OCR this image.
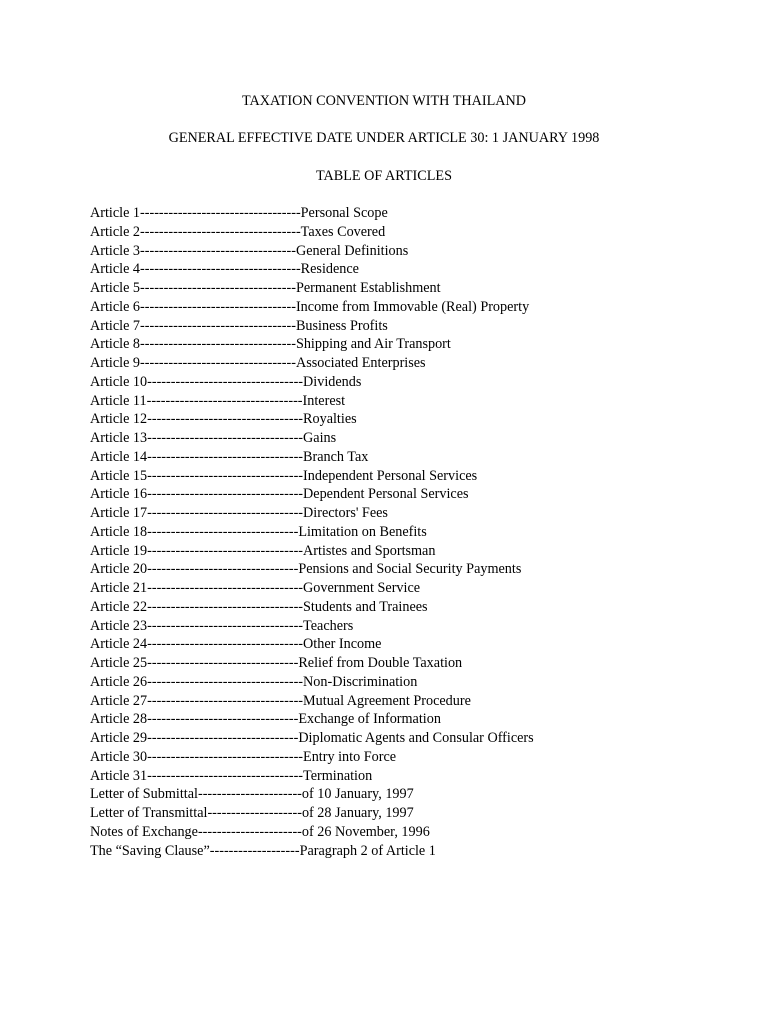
TAXATION CONVENTION WITH THAILAND
GENERAL EFFECTIVE DATE UNDER ARTICLE 30: 1 JANUARY 1998
TABLE OF ARTICLES
Article 1----------------------------------Personal Scope
Article 2----------------------------------Taxes Covered
Article 3---------------------------------General Definitions
Article 4----------------------------------Residence
Article 5---------------------------------Permanent Establishment
Article 6---------------------------------Income from Immovable (Real) Property
Article 7---------------------------------Business Profits
Article 8---------------------------------Shipping and Air Transport
Article 9---------------------------------Associated Enterprises
Article 10---------------------------------Dividends
Article 11---------------------------------Interest
Article 12---------------------------------Royalties
Article 13---------------------------------Gains
Article 14---------------------------------Branch Tax
Article 15---------------------------------Independent Personal Services
Article 16---------------------------------Dependent Personal Services
Article 17---------------------------------Directors' Fees
Article 18--------------------------------Limitation on Benefits
Article 19---------------------------------Artistes and Sportsman
Article 20--------------------------------Pensions and Social Security Payments
Article 21---------------------------------Government Service
Article 22---------------------------------Students and Trainees
Article 23---------------------------------Teachers
Article 24---------------------------------Other Income
Article 25--------------------------------Relief from Double Taxation
Article 26---------------------------------Non-Discrimination
Article 27---------------------------------Mutual Agreement Procedure
Article 28--------------------------------Exchange of Information
Article 29--------------------------------Diplomatic Agents and Consular Officers
Article 30---------------------------------Entry into Force
Article 31---------------------------------Termination
Letter of Submittal----------------------of 10 January, 1997
Letter of Transmittal--------------------of 28 January, 1997
Notes of Exchange----------------------of 26 November, 1996
The “Saving Clause”-------------------Paragraph 2 of Article 1
